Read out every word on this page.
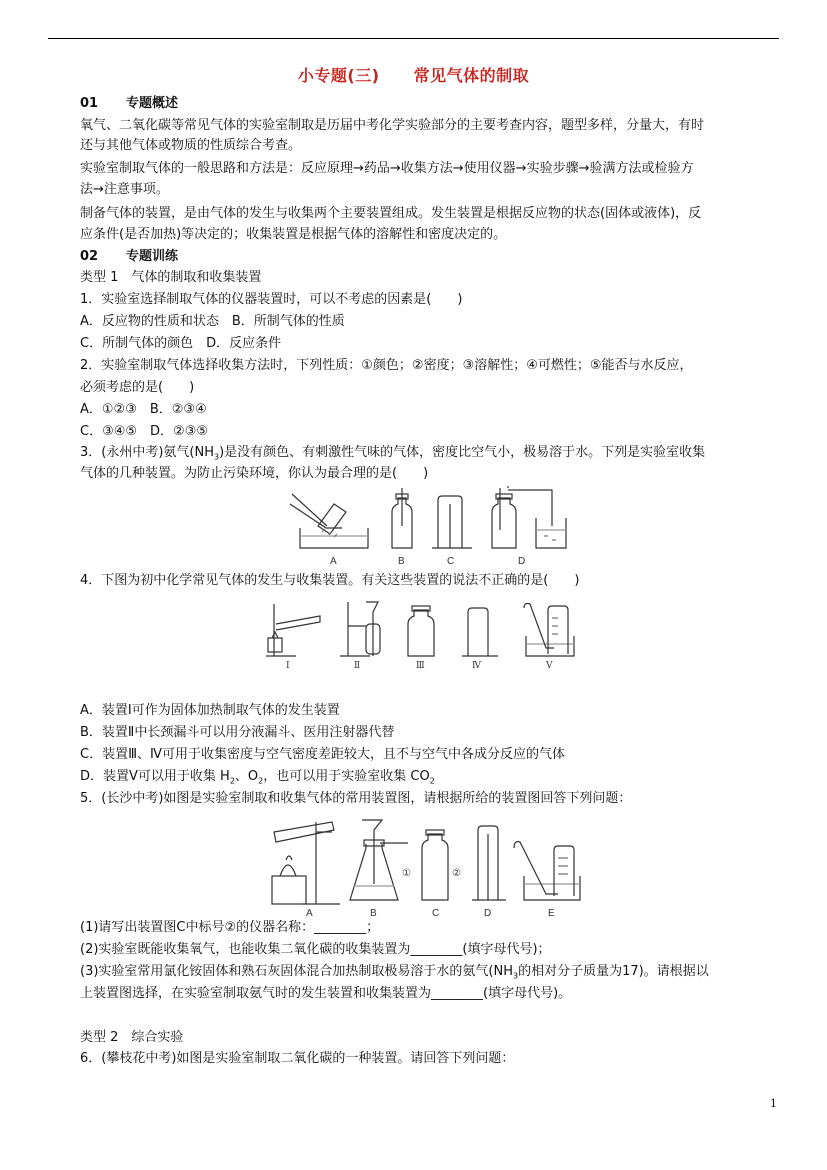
小专题(三) 常见气体的制取
01 专题概述
氧气、二氧化碳等常见气体的实验室制取是历届中考化学实验部分的主要考查内容，题型多样，分量大，有时
还与其他气体或物质的性质综合考查。
实验室制取气体的一般思路和方法是：反应原理→药品→收集方法→使用仪器→实验步骤→验满方法或检验方
法→注意事项。
制备气体的装置，是由气体的发生与收集两个主要装置组成。发生装置是根据反应物的状态(固体或液体)，反
应条件(是否加热)等决定的；收集装置是根据气体的溶解性和密度决定的。
02 专题训练
类型 1　气体的制取和收集装置
1．实验室选择制取气体的仪器装置时，可以不考虑的因素是(　　)
A．反应物的性质和状态　B．所制气体的性质
C．所制气体的颜色　D．反应条件
2．实验室制取气体选择收集方法时，下列性质：①颜色；②密度；③溶解性；④可燃性；⑤能否与水反应，
必须考虑的是(　　)
A．①②③　B．②③④
C．③④⑤　D．②③⑤
3．(永州中考)氨气$(NH_3)$是没有颜色、有刺激性气味的气体，密度比空气小，极易溶于水。下列是实验室收集
气体的几种装置。为防止污染环境，你认为最合理的是(　　)
A	B	C	D
4．下图为初中化学常见气体的发生与收集装置。有关这些装置的说法不正确的是(　　)
Ⅰ	Ⅱ	Ⅲ	Ⅳ	Ⅴ
A．装置Ⅰ可作为固体加热制取气体的发生装置
B．装置Ⅱ中长颈漏斗可以用分液漏斗、医用注射器代替
C．装置Ⅲ、Ⅳ可用于收集密度与空气密度差距较大，且不与空气中各成分反应的气体
D．装置Ⅴ可以用于收集 $H_2$、$O_2$，也可以用于实验室收集 $CO_2$
5．(长沙中考)如图是实验室制取和收集气体的常用装置图，请根据所给的装置图回答下列问题：
①	②
A	B	C	D	E
(1)请写出装置图C中标号②的仪器名称：________；
(2)实验室既能收集氧气，也能收集二氧化碳的收集装置为________(填字母代号)；
(3)实验室常用氯化铵固体和熟石灰固体混合加热制取极易溶于水的氨气($NH_3$的相对分子质量为17)。请根据以
上装置图选择，在实验室制取氨气时的发生装置和收集装置为________(填字母代号)。
类型 2　综合实验
6．(攀枝花中考)如图是实验室制取二氧化碳的一种装置。请回答下列问题：
1
